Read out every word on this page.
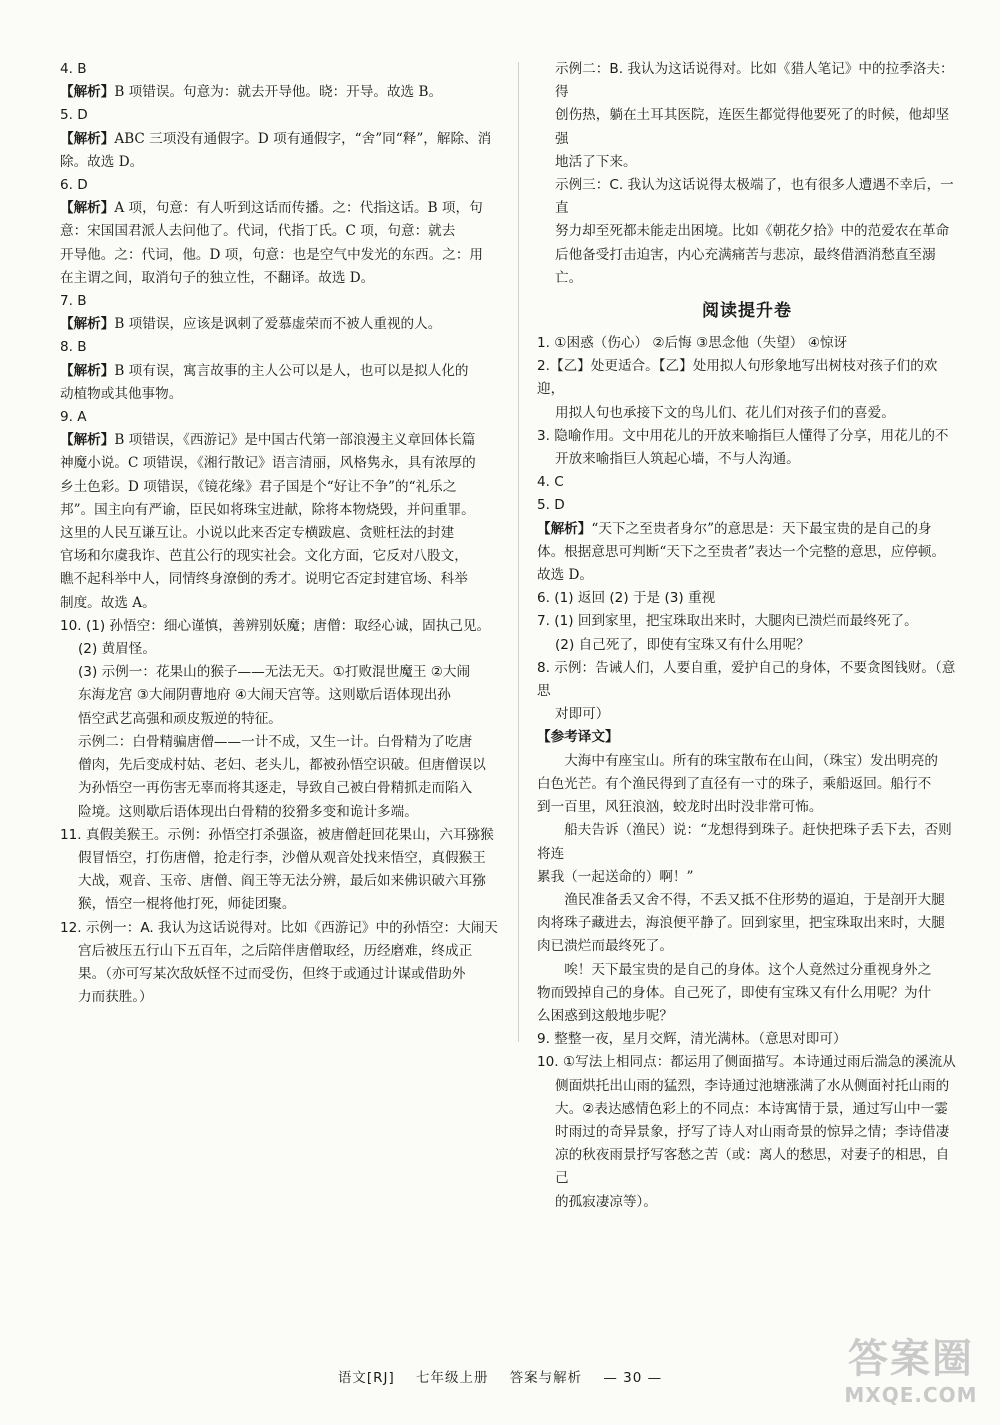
4. B
【解析】B 项错误。句意为：就去开导他。晓：开导。故选 B。
5. D
【解析】ABC 三项没有通假字。D 项有通假字，“舍”同“释”，解除、消
除。故选 D。
6. D
【解析】A 项，句意：有人听到这话而传播。之：代指这话。B 项，句
意：宋国国君派人去问他了。代词，代指丁氏。C 项，句意：就去
开导他。之：代词，他。D 项，句意：也是空气中发光的东西。之：用
在主谓之间，取消句子的独立性，不翻译。故选 D。
7. B
【解析】B 项错误，应该是讽刺了爱慕虚荣而不被人重视的人。
8. B
【解析】B 项有误，寓言故事的主人公可以是人，也可以是拟人化的
动植物或其他事物。
9. A
【解析】B 项错误，《西游记》是中国古代第一部浪漫主义章回体长篇
神魔小说。C 项错误，《湘行散记》语言清丽，风格隽永，具有浓厚的
乡土色彩。D 项错误，《镜花缘》君子国是个“好让不争”的“礼乐之
邦”。国主向有严谕，臣民如将珠宝进献，除将本物烧毁，并问重罪。
这里的人民互谦互让。小说以此来否定专横跋扈、贪赃枉法的封建
官场和尔虞我诈、芭苴公行的现实社会。文化方面，它反对八股文，
瞧不起科举中人，同情终身潦倒的秀才。说明它否定封建官场、科举
制度。故选 A。
10. (1) 孙悟空：细心谨慎，善辨别妖魔；唐僧：取经心诚，固执己见。
(2) 黄眉怪。
(3) 示例一：花果山的猴子——无法无天。①打败混世魔王 ②大闹
东海龙宫 ③大闹阴曹地府 ④大闹天宫等。这则歇后语体现出孙
悟空武艺高强和顽皮叛逆的特征。
示例二：白骨精骗唐僧——一计不成，又生一计。白骨精为了吃唐
僧肉，先后变成村姑、老妇、老头儿，都被孙悟空识破。但唐僧误以
为孙悟空一再伤害无辜而将其逐走，导致自己被白骨精抓走而陷入
险境。这则歇后语体现出白骨精的狡猾多变和诡计多端。
11. 真假美猴王。示例：孙悟空打杀强盗，被唐僧赶回花果山，六耳猕猴
假冒悟空，打伤唐僧，抢走行李，沙僧从观音处找来悟空，真假猴王
大战，观音、玉帝、唐僧、阎王等无法分辨，最后如来佛识破六耳猕
猴，悟空一棍将他打死，师徒团聚。
12. 示例一：A. 我认为这话说得对。比如《西游记》中的孙悟空：大闹天
宫后被压五行山下五百年，之后陪伴唐僧取经，历经磨难，终成正
果。（亦可写某次敌妖怪不过而受伤，但终于或通过计谋或借助外
力而获胜。）
示例二：B. 我认为这话说得对。比如《猎人笔记》中的拉季洛夫：得
创伤热，躺在土耳其医院，连医生都觉得他要死了的时候，他却坚强
地活了下来。
示例三：C. 我认为这话说得太极端了，也有很多人遭遇不幸后，一直
努力却至死都未能走出困境。比如《朝花夕拾》中的范爱农在革命
后他备受打击迫害，内心充满痛苦与悲凉，最终借酒消愁直至溺亡。
阅读提升卷
1. ①困惑（伤心） ②后悔 ③思念他（失望） ④惊讶
2.【乙】处更适合。【乙】处用拟人句形象地写出树枝对孩子们的欢迎，
用拟人句也承接下文的鸟儿们、花儿们对孩子们的喜爱。
3. 隐喻作用。文中用花儿的开放来喻指巨人懂得了分享，用花儿的不
开放来喻指巨人筑起心墙，不与人沟通。
4. C
5. D
【解析】“天下之至贵者身尔”的意思是：天下最宝贵的是自己的身
体。根据意思可判断“天下之至贵者”表达一个完整的意思，应停顿。
故选 D。
6. (1) 返回 (2) 于是 (3) 重视
7. (1) 回到家里，把宝珠取出来时，大腿肉已溃烂而最终死了。
(2) 自己死了，即使有宝珠又有什么用呢？
8. 示例：告诫人们，人要自重，爱护自己的身体，不要贪图钱财。（意思
对即可）
【参考译文】
大海中有座宝山。所有的珠宝散布在山间，（珠宝）发出明亮的
白色光芒。有个渔民得到了直径有一寸的珠子，乘船返回。船行不
到一百里，风狂浪汹，蛟龙时出时没非常可怖。
船夫告诉（渔民）说：“龙想得到珠子。赶快把珠子丢下去，否则将连
累我（一起送命的）啊！”
渔民准备丢又舍不得，不丢又抵不住形势的逼迫，于是剖开大腿
肉将珠子藏进去，海浪便平静了。回到家里，把宝珠取出来时，大腿
肉已溃烂而最终死了。
唉！天下最宝贵的是自己的身体。这个人竟然过分重视身外之
物而毁掉自己的身体。自己死了，即使有宝珠又有什么用呢？为什
么困惑到这般地步呢？
9. 整整一夜，星月交辉，清光满林。（意思对即可）
10. ①写法上相同点：都运用了侧面描写。本诗通过雨后湍急的溪流从
侧面烘托出山雨的猛烈，李诗通过池塘涨满了水从侧面衬托山雨的
大。②表达感情色彩上的不同点：本诗寓情于景，通过写山中一霎
时雨过的奇异景象，抒写了诗人对山雨奇景的惊异之情；李诗借凄
凉的秋夜雨景抒写客愁之苦（或：离人的愁思，对妻子的相思，自己
的孤寂凄凉等）。
语文[RJ] 七年级上册 答案与解析 — 30 —	答案圈
MXQE.COM
